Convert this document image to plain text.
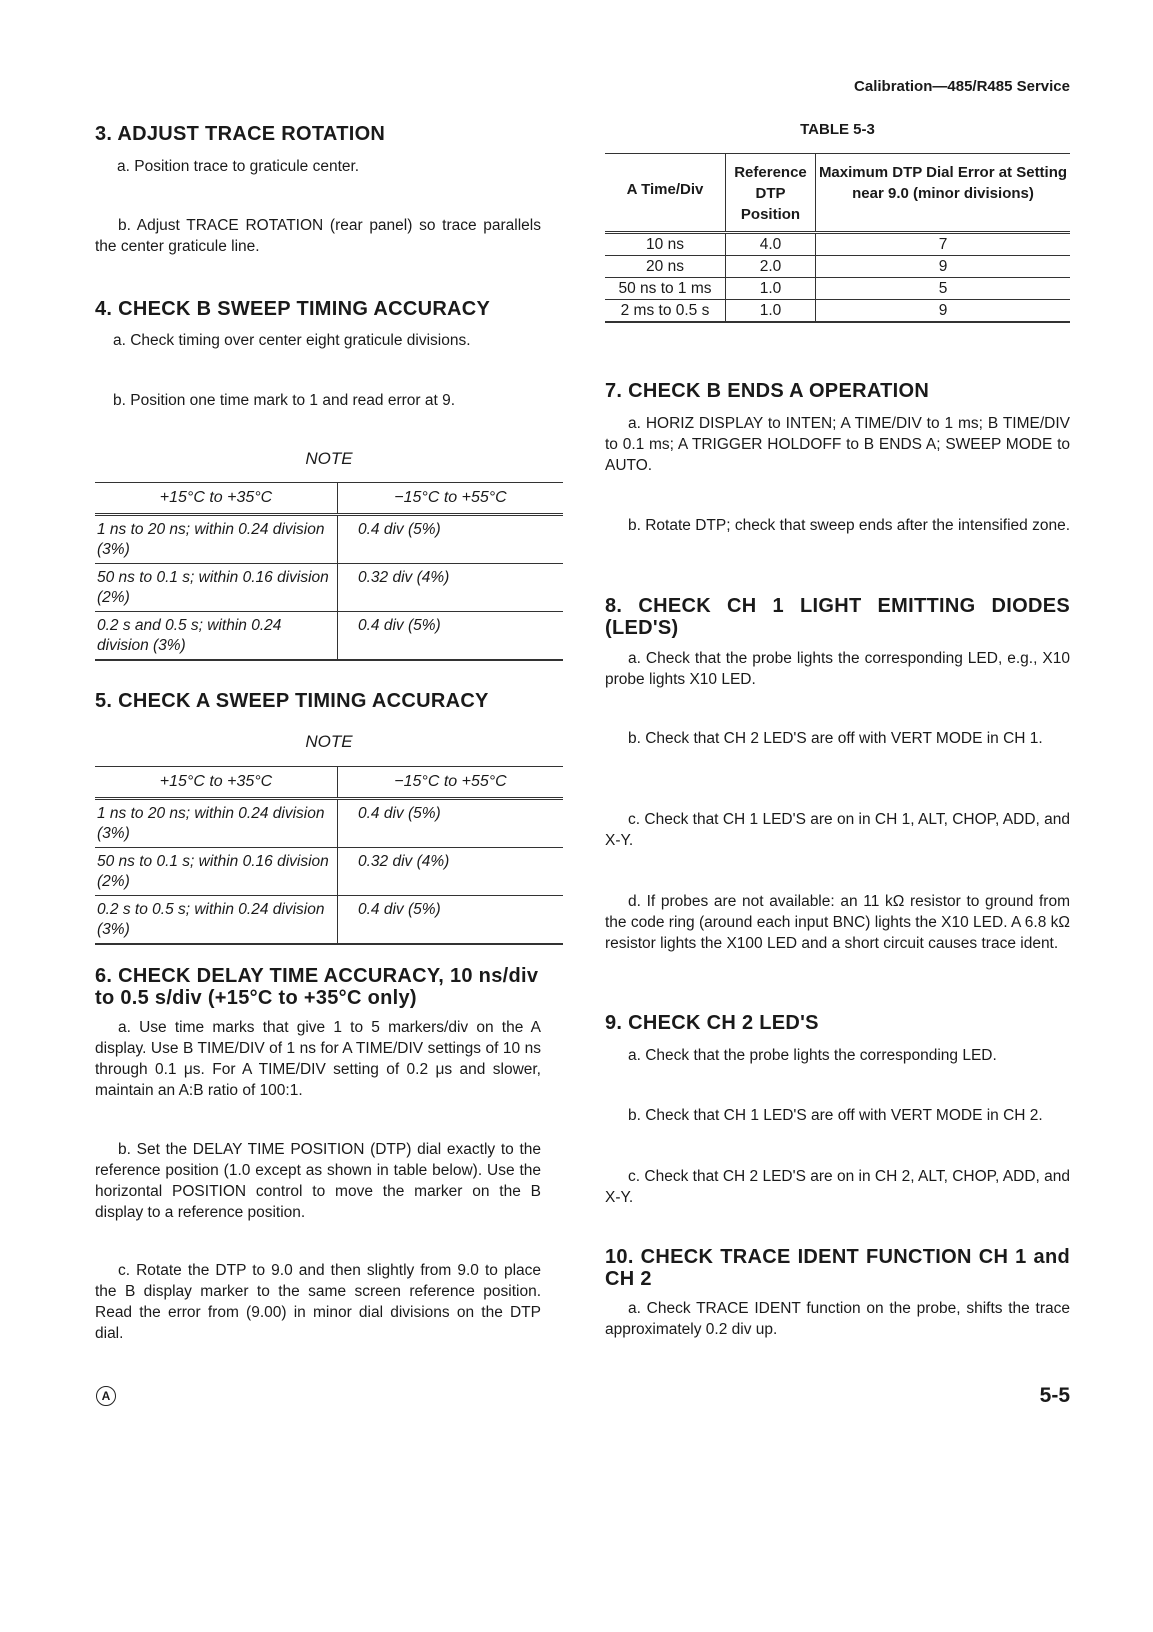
Calibration—485/R485 Service
3. ADJUST TRACE ROTATION

a. Position trace to graticule center.

b. Adjust TRACE ROTATION (rear panel) so trace parallels the center graticule line.

4. CHECK B SWEEP TIMING ACCURACY

a. Check timing over center eight graticule divisions.

b. Position one time mark to 1 and read error at 9.

NOTE
+15°C to +35°C	−15°C to +55°C
1 ns to 20 ns; within 0.24 division (3%)	0.4 div (5%)
50 ns to 0.1 s; within 0.16 division (2%)	0.32 div (4%)
0.2 s and 0.5 s; within 0.24 division (3%)	0.4 div (5%)
5. CHECK A SWEEP TIMING ACCURACY
NOTE
+15°C to +35°C	−15°C to +55°C
1 ns to 20 ns; within 0.24 division (3%)	0.4 div (5%)
50 ns to 0.1 s; within 0.16 division (2%)	0.32 div (4%)
0.2 s to 0.5 s; within 0.24 division (3%)	0.4 div (5%)
6. CHECK DELAY TIME ACCURACY, 10 ns/div to 0.5 s/div (+15°C to +35°C only)

a. Use time marks that give 1 to 5 markers/div on the A display. Use B TIME/DIV of 1 ns for A TIME/DIV settings of 10 ns through 0.1 μs. For A TIME/DIV setting of 0.2 μs and slower, maintain an A:B ratio of 100:1.

b. Set the DELAY TIME POSITION (DTP) dial exactly to the reference position (1.0 except as shown in table below). Use the horizontal POSITION control to move the marker on the B display to a reference position.

c. Rotate the DTP to 9.0 and then slightly from 9.0 to place the B display marker to the same screen reference position. Read the error from (9.00) in minor dial divisions on the DTP dial.

TABLE 5-3
A Time/Div	Reference DTP Position	Maximum DTP Dial Error at Setting near 9.0 (minor divisions)
10 ns	4.0	7
20 ns	2.0	9
50 ns to 1 ms	1.0	5
2 ms to 0.5 s	1.0	9
7. CHECK B ENDS A OPERATION

a. HORIZ DISPLAY to INTEN; A TIME/DIV to 1 ms; B TIME/DIV to 0.1 ms; A TRIGGER HOLDOFF to B ENDS A; SWEEP MODE to AUTO.

b. Rotate DTP; check that sweep ends after the intensified zone.

8. CHECK CH 1 LIGHT EMITTING DIODES (LED'S)

a. Check that the probe lights the corresponding LED, e.g., X10 probe lights X10 LED.

b. Check that CH 2 LED'S are off with VERT MODE in CH 1.

c. Check that CH 1 LED'S are on in CH 1, ALT, CHOP, ADD, and X-Y.

d. If probes are not available: an 11 kΩ resistor to ground from the code ring (around each input BNC) lights the X10 LED. A 6.8 kΩ resistor lights the X100 LED and a short circuit causes trace ident.

9. CHECK CH 2 LED'S

a. Check that the probe lights the corresponding LED.

b. Check that CH 1 LED'S are off with VERT MODE in CH 2.

c. Check that CH 2 LED'S are on in CH 2, ALT, CHOP, ADD, and X-Y.

10. CHECK TRACE IDENT FUNCTION CH 1 and CH 2

a. Check TRACE IDENT function on the probe, shifts the trace approximately 0.2 div up.

A	5-5
